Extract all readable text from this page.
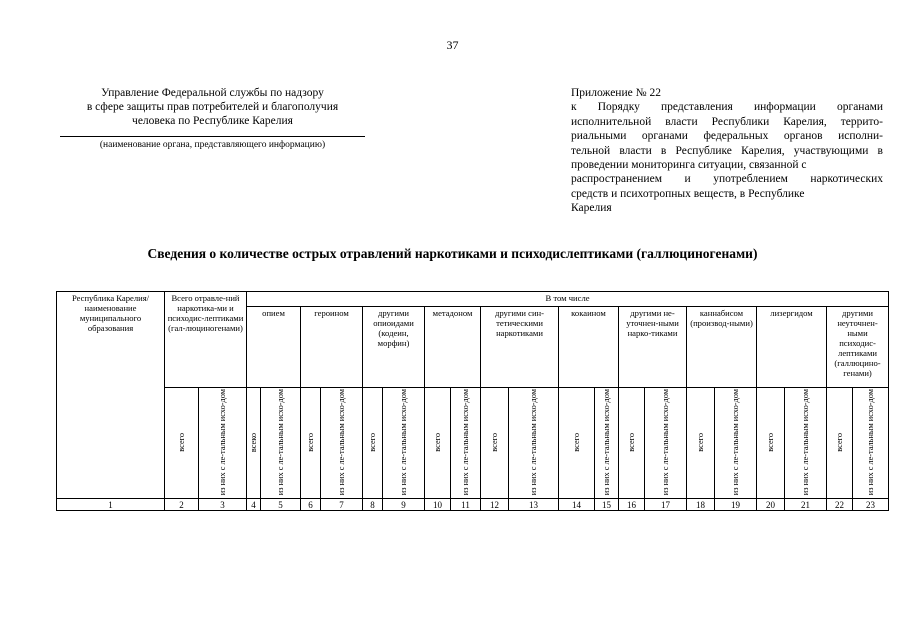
37
Управление Федеральной службы по надзору
в сфере защиты прав потребителей и благополучия
человека по Республике Карелия
(наименование органа, представляющего информацию)
Приложение № 22
к Порядку представления информации органами
исполнительной власти Республики Карелия, террито-
риальными органами федеральных органов исполни-
тельной власти в Республике Карелия, участвующими в
проведении мониторинга ситуации, связанной с
распространением и употреблением наркотических
средств и психотропных веществ, в Республике
Карелия
Сведения о количестве острых отравлений наркотиками и психодислептиками (галлюциногенами)
Республика Карелия/ наименование муниципального образования	Всего отравле-ний наркотика-ми и психодис-лептиками (гал-люциногенами)		В том числе																			
			опием		героином		другими опиоидами (кодеин, морфин)		метадоном		другими син-тетическими наркотиками		кокаином		другими не-уточнен-ными нарко-тиками		каннабисом (производ-ными)		лизергидом		другими неуточнен-ными психодис-лептиками (галлюцино-генами)	
	всего	из них с ле-тальным исхо-дом	всеко	из них с ле-тальным исхо-дом	всего	из них с ле-тальным исхо-дом	всего	из них с ле-тальным исхо-дом	всего	из них с ле-тальным исхо-дом	всего	из них с ле-тальным исхо-дом	всего	из них с ле-тальным исхо-дом	всего	из них с ле-тальным исхо-дом	всего	из них с ле-тальным исхо-дом	всего	из них с ле-тальным исхо-дом	всего	из них с ле-тальным исхо-дом
1	2	3	4	5	6	7	8	9	10	11	12	13	14	15	16	17	18	19	20	21	22	23
